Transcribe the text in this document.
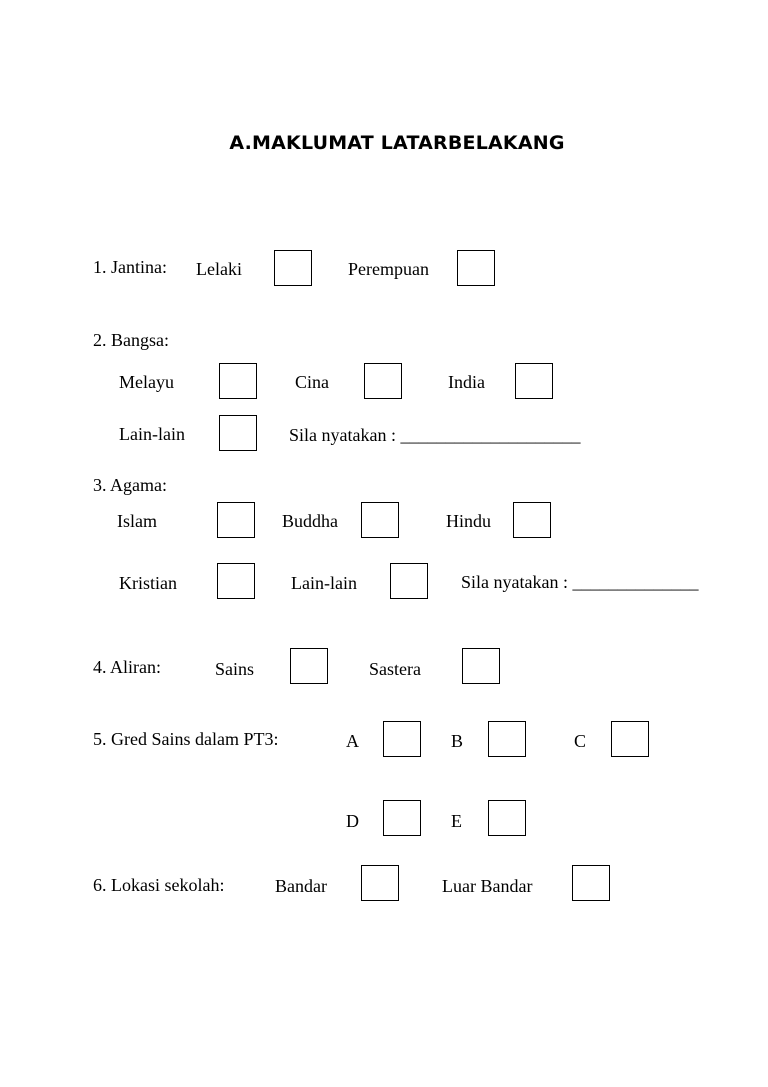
A.MAKLUMAT LATARBELAKANG
1. Jantina: Lelaki	Perempuan
2. Bangsa:
Melayu	Cina	India
Lain-lain	Sila nyatakan : ____________________
3. Agama:
Islam	Buddha	Hindu
Kristian	Lain-lain	Sila nyatakan : ______________
4. Aliran:	Sains	Sastera
5. Gred Sains dalam PT3:	A	B	C
D	E
6. Lokasi sekolah:	Bandar	Luar Bandar
